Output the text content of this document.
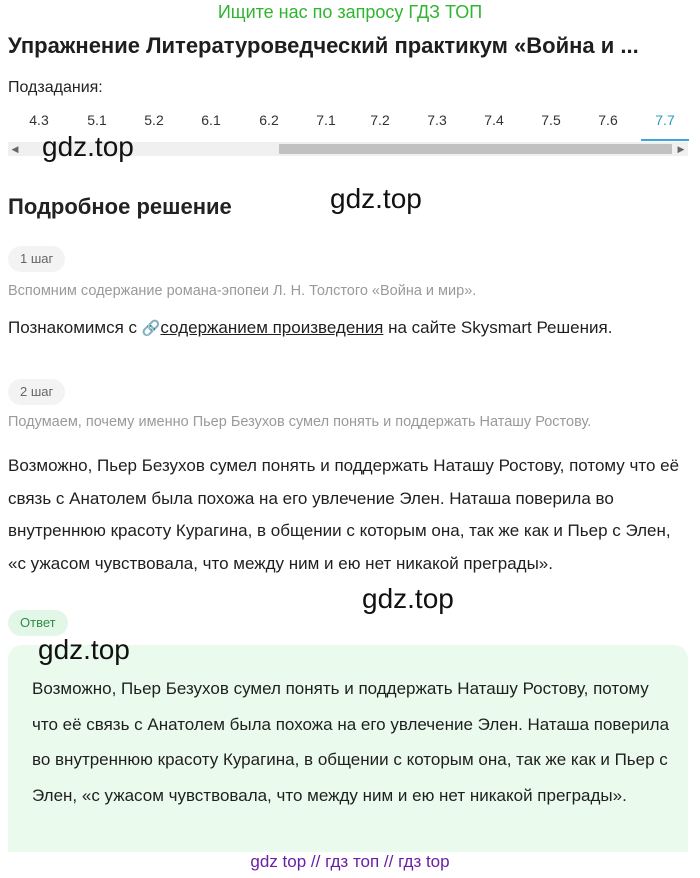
Ищите нас по запросу ГДЗ ТОП
Упражнение Литературоведческий практикум «Война и ...
Подзадания:
4.3	5.1	5.2	6.1	6.2	7.1	7.2	7.3	7.4	7.5	7.6	7.7
◀	▶
gdz.top
gdz.top
Подробное решение
1 шаг
Вспомним содержание романа-эпопеи Л. Н. Толстого «Война и мир».
Познакомимся с 🔗содержанием произведения на сайте Skysmart Решения.
2 шаг
Подумаем, почему именно Пьер Безухов сумел понять и поддержать Наташу Ростову.
Возможно, Пьер Безухов сумел понять и поддержать Наташу Ростову, потому что её связь с Анатолем была похожа на его увлечение Элен. Наташа поверила во внутреннюю красоту Курагина, в общении с которым она, так же как и Пьер с Элен, «с ужасом чувствовала, что между ним и ею нет никакой преграды».
gdz.top
Ответ
gdz.top
Возможно, Пьер Безухов сумел понять и поддержать Наташу Ростову, потому что её связь с Анатолем была похожа на его увлечение Элен. Наташа поверила во внутреннюю красоту Курагина, в общении с которым она, так же как и Пьер с Элен, «с ужасом чувствовала, что между ним и ею нет никакой преграды».
gdz top // гдз топ // гдз top
